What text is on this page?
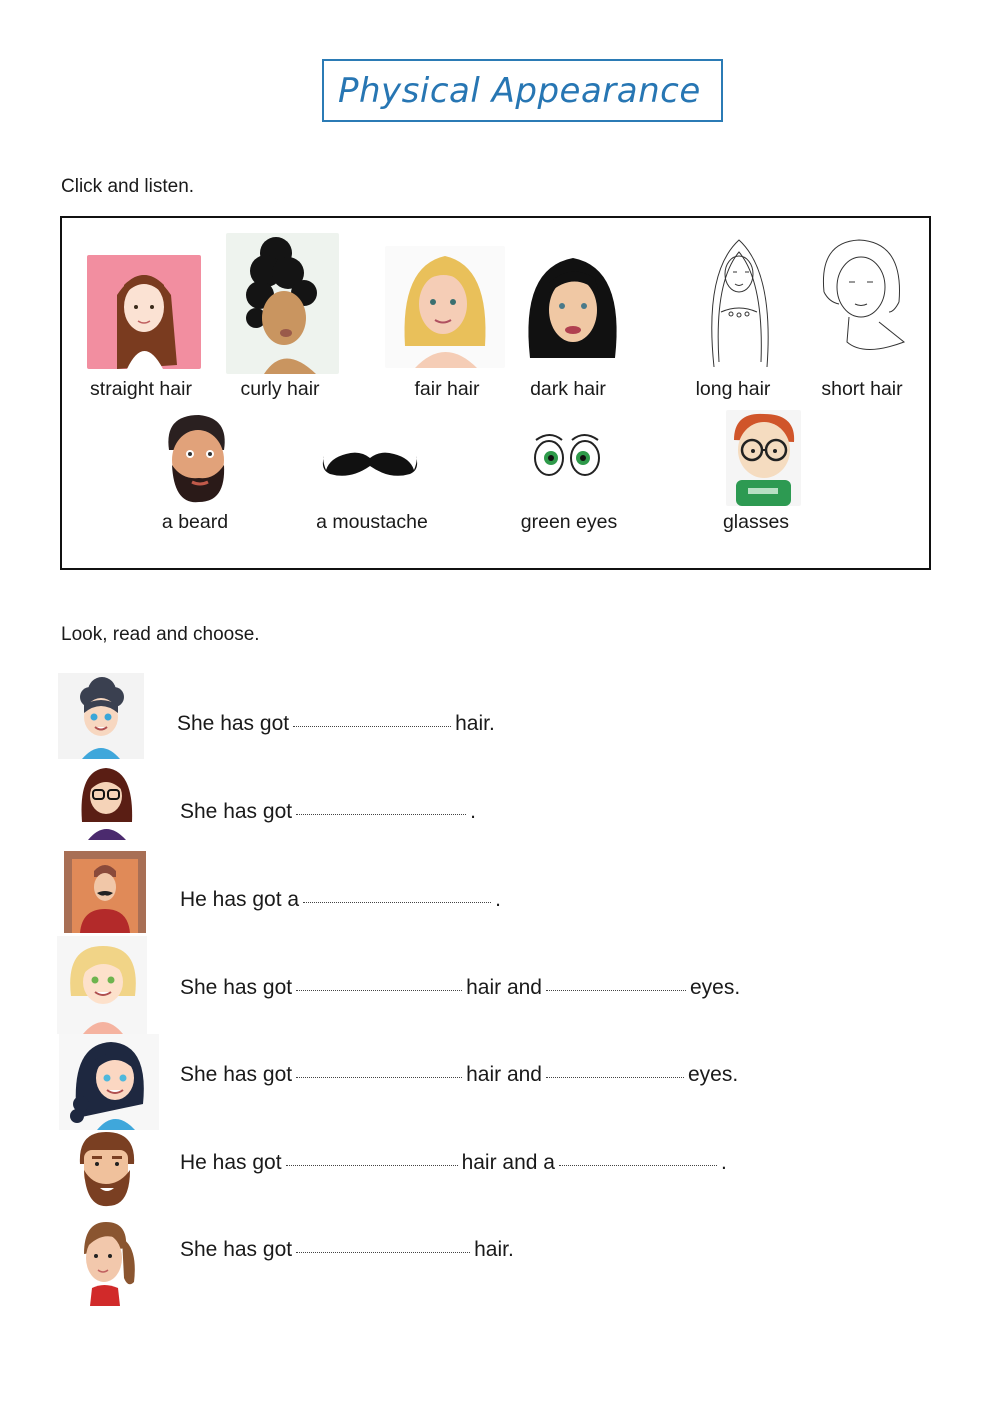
Physical Appearance
Click and listen.
straight hair curly hair	fair hair	dark hair	long hair	short hair
a beard	a moustache	green eyes	glasses
Look, read and choose.
She has got	hair.
She has got	.
He has got a	.
She has got	hair and	eyes.
She has got	hair and	eyes.
He has got	hair and a	.
She has got	hair.
